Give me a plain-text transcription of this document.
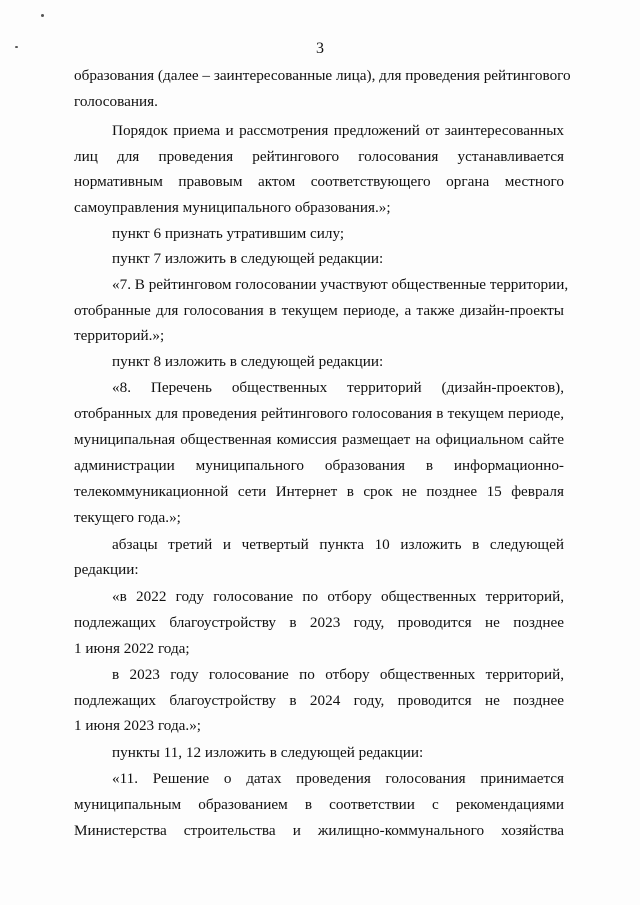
3
образования (далее – заинтересованные лица), для проведения рейтингового
голосования.
Порядок приема и рассмотрения предложений от заинтересованных
лиц для проведения рейтингового голосования устанавливается
нормативным правовым актом соответствующего органа местного
самоуправления муниципального образования.»;
пункт 6 признать утратившим силу;
пункт 7 изложить в следующей редакции:
«7. В рейтинговом голосовании участвуют общественные территории,
отобранные для голосования в текущем периоде, а также дизайн-проекты
территорий.»;
пункт 8 изложить в следующей редакции:
«8. Перечень общественных территорий (дизайн-проектов),
отобранных для проведения рейтингового голосования в текущем периоде,
муниципальная общественная комиссия размещает на официальном сайте
администрации муниципального образования в информационно-
телекоммуникационной сети Интернет в срок не позднее 15 февраля
текущего года.»;
абзацы третий и четвертый пункта 10 изложить в следующей
редакции:
«в 2022 году голосование по отбору общественных территорий,
подлежащих благоустройству в 2023 году, проводится не позднее
1 июня 2022 года;
в 2023 году голосование по отбору общественных территорий,
подлежащих благоустройству в 2024 году, проводится не позднее
1 июня 2023 года.»;
пункты 11, 12 изложить в следующей редакции:
«11. Решение о датах проведения голосования принимается
муниципальным образованием в соответствии с рекомендациями
Министерства строительства и жилищно-коммунального хозяйства
